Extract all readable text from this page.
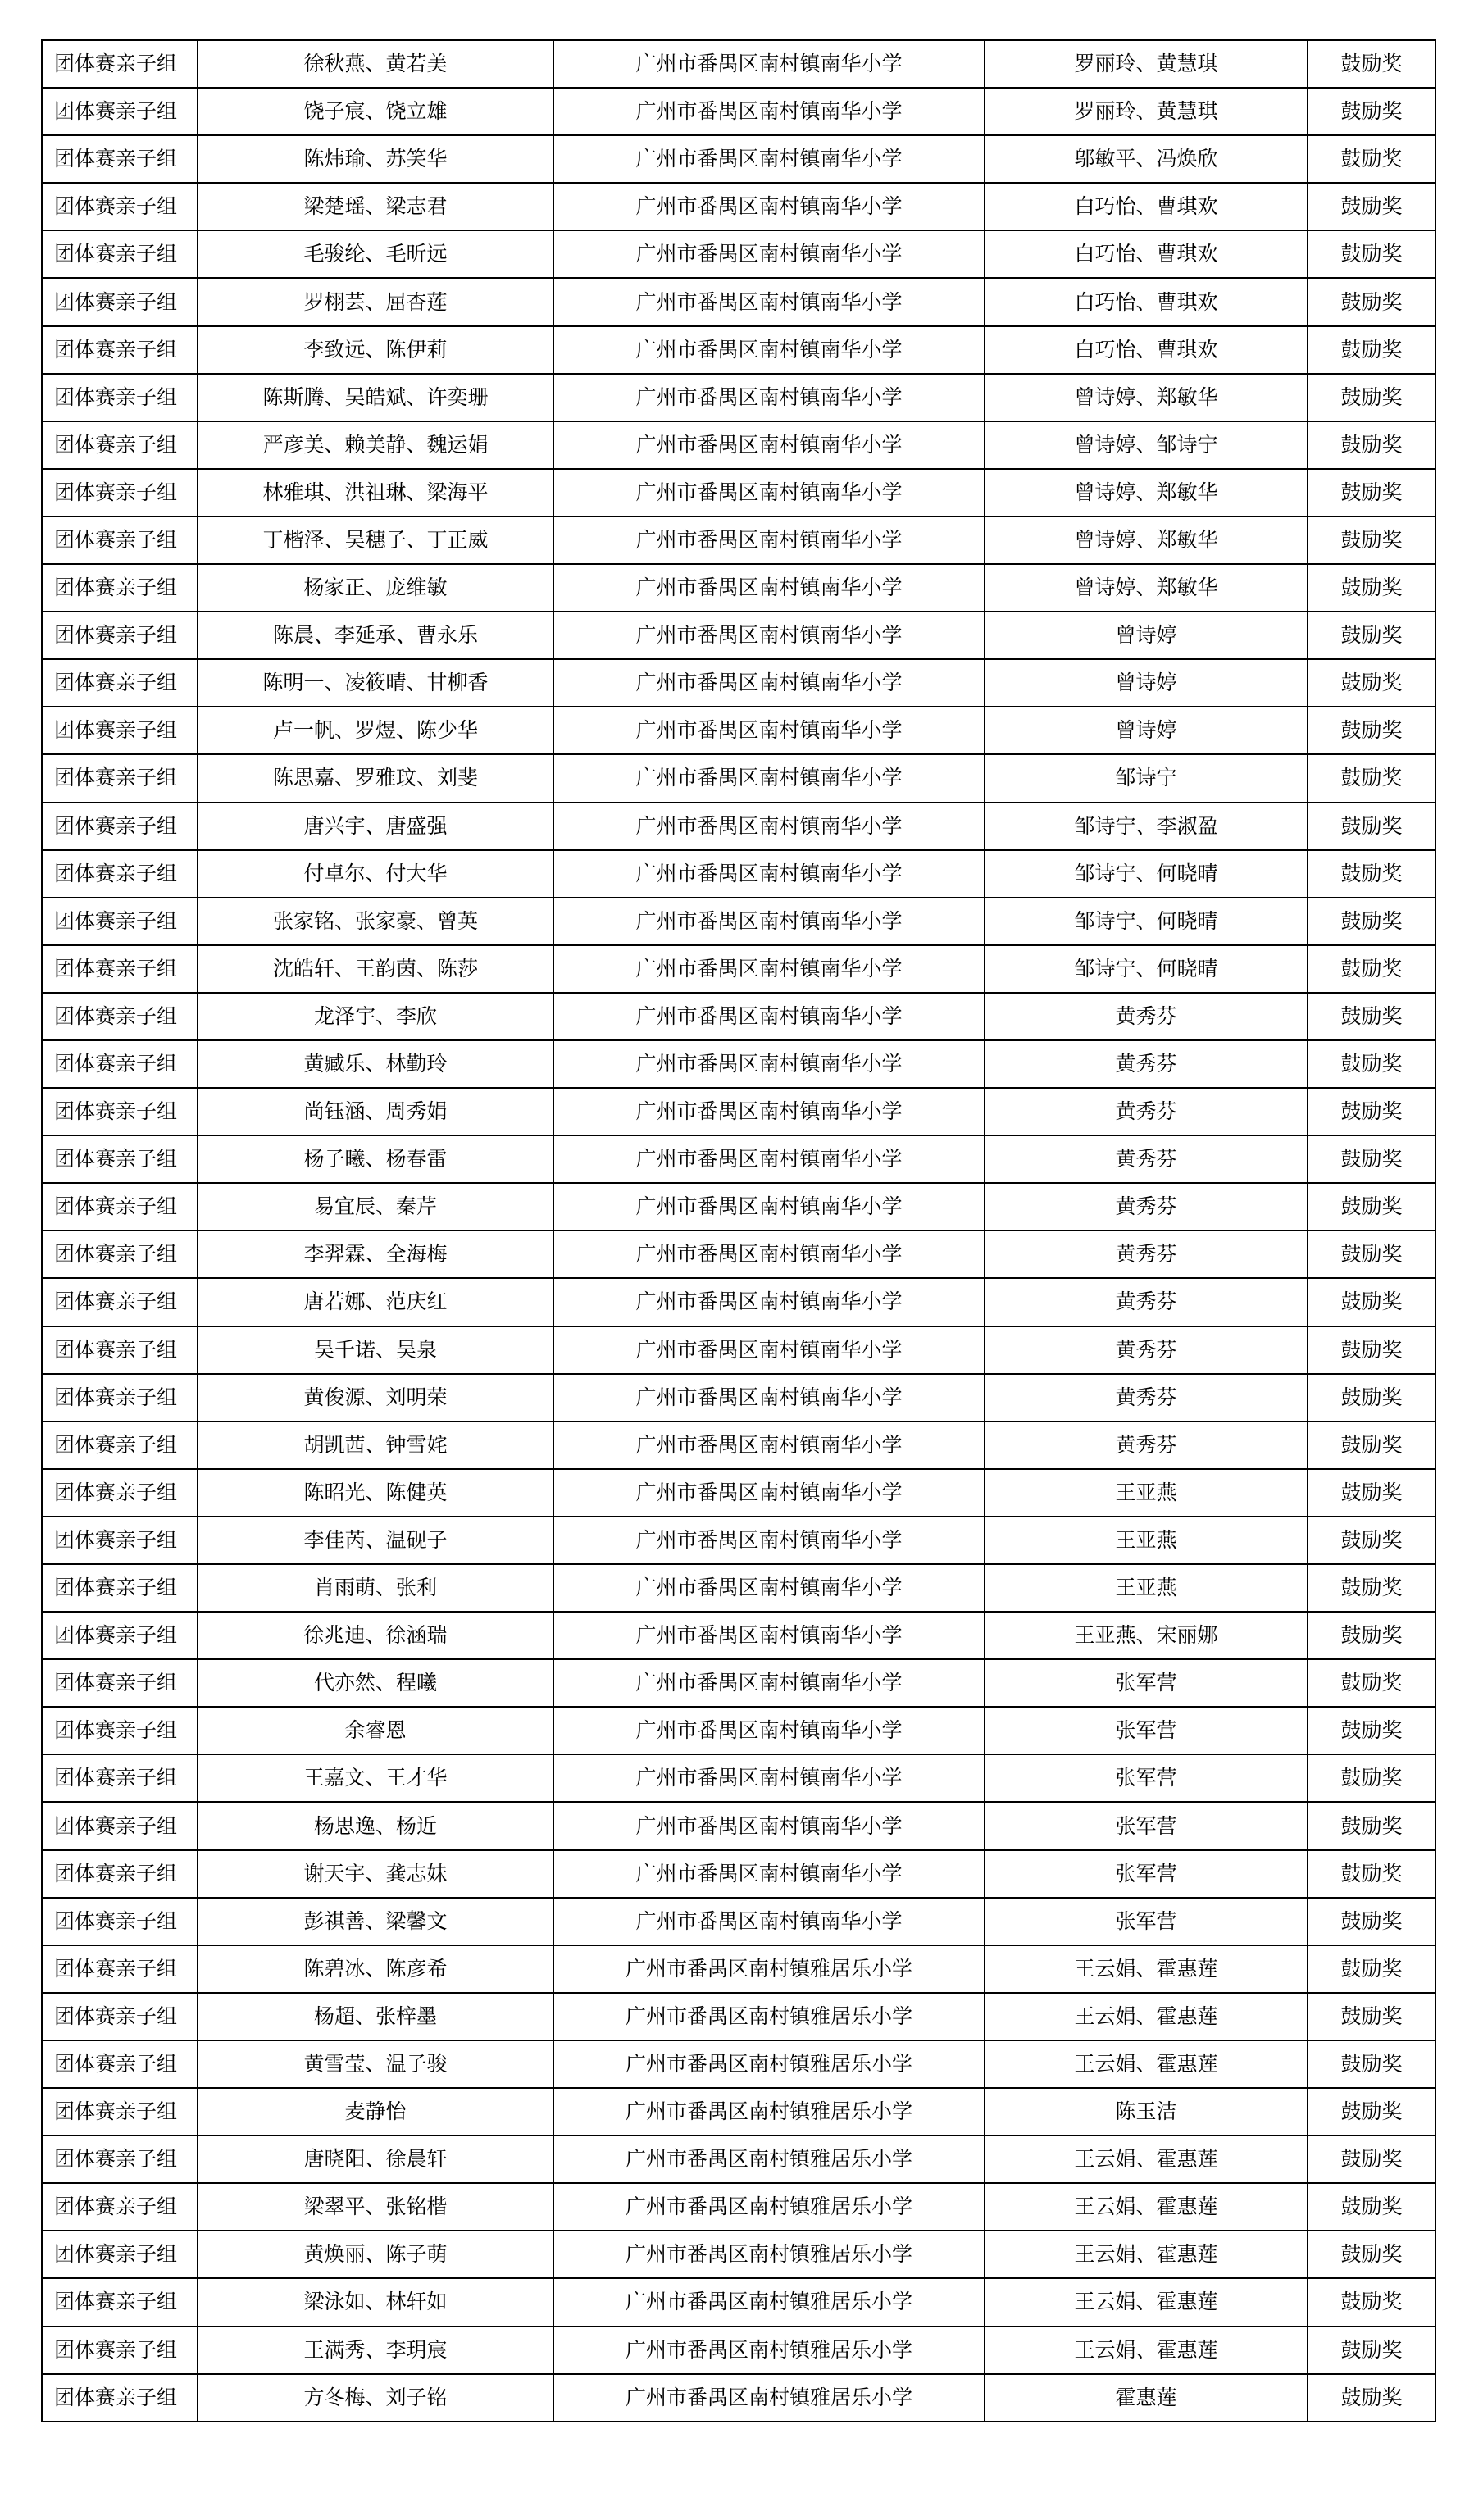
团体赛亲子组	徐秋燕、黄若美	广州市番禺区南村镇南华小学	罗丽玲、黄慧琪	鼓励奖
团体赛亲子组	饶子宸、饶立雄	广州市番禺区南村镇南华小学	罗丽玲、黄慧琪	鼓励奖
团体赛亲子组	陈炜瑜、苏笑华	广州市番禺区南村镇南华小学	邬敏平、冯焕欣	鼓励奖
团体赛亲子组	梁楚瑶、梁志君	广州市番禺区南村镇南华小学	白巧怡、曹琪欢	鼓励奖
团体赛亲子组	毛骏纶、毛昕远	广州市番禺区南村镇南华小学	白巧怡、曹琪欢	鼓励奖
团体赛亲子组	罗栩芸、屈杏莲	广州市番禺区南村镇南华小学	白巧怡、曹琪欢	鼓励奖
团体赛亲子组	李致远、陈伊莉	广州市番禺区南村镇南华小学	白巧怡、曹琪欢	鼓励奖
团体赛亲子组	陈斯腾、吴皓斌、许奕珊	广州市番禺区南村镇南华小学	曾诗婷、郑敏华	鼓励奖
团体赛亲子组	严彦美、赖美静、魏运娟	广州市番禺区南村镇南华小学	曾诗婷、邹诗宁	鼓励奖
团体赛亲子组	林雅琪、洪祖琳、梁海平	广州市番禺区南村镇南华小学	曾诗婷、郑敏华	鼓励奖
团体赛亲子组	丁楷泽、吴穗子、丁正威	广州市番禺区南村镇南华小学	曾诗婷、郑敏华	鼓励奖
团体赛亲子组	杨家正、庞维敏	广州市番禺区南村镇南华小学	曾诗婷、郑敏华	鼓励奖
团体赛亲子组	陈晨、李延承、曹永乐	广州市番禺区南村镇南华小学	曾诗婷	鼓励奖
团体赛亲子组	陈明一、凌筱晴、甘柳香	广州市番禺区南村镇南华小学	曾诗婷	鼓励奖
团体赛亲子组	卢一帆、罗煜、陈少华	广州市番禺区南村镇南华小学	曾诗婷	鼓励奖
团体赛亲子组	陈思嘉、罗雅玟、刘斐	广州市番禺区南村镇南华小学	邹诗宁	鼓励奖
团体赛亲子组	唐兴宇、唐盛强	广州市番禺区南村镇南华小学	邹诗宁、李淑盈	鼓励奖
团体赛亲子组	付卓尔、付大华	广州市番禺区南村镇南华小学	邹诗宁、何晓晴	鼓励奖
团体赛亲子组	张家铭、张家豪、曾英	广州市番禺区南村镇南华小学	邹诗宁、何晓晴	鼓励奖
团体赛亲子组	沈皓轩、王韵茵、陈莎	广州市番禺区南村镇南华小学	邹诗宁、何晓晴	鼓励奖
团体赛亲子组	龙泽宇、李欣	广州市番禺区南村镇南华小学	黄秀芬	鼓励奖
团体赛亲子组	黄臧乐、林勤玲	广州市番禺区南村镇南华小学	黄秀芬	鼓励奖
团体赛亲子组	尚钰涵、周秀娟	广州市番禺区南村镇南华小学	黄秀芬	鼓励奖
团体赛亲子组	杨子曦、杨春雷	广州市番禺区南村镇南华小学	黄秀芬	鼓励奖
团体赛亲子组	易宜辰、秦芹	广州市番禺区南村镇南华小学	黄秀芬	鼓励奖
团体赛亲子组	李羿霖、全海梅	广州市番禺区南村镇南华小学	黄秀芬	鼓励奖
团体赛亲子组	唐若娜、范庆红	广州市番禺区南村镇南华小学	黄秀芬	鼓励奖
团体赛亲子组	吴千诺、吴泉	广州市番禺区南村镇南华小学	黄秀芬	鼓励奖
团体赛亲子组	黄俊源、刘明荣	广州市番禺区南村镇南华小学	黄秀芬	鼓励奖
团体赛亲子组	胡凯茜、钟雪姹	广州市番禺区南村镇南华小学	黄秀芬	鼓励奖
团体赛亲子组	陈昭光、陈健英	广州市番禺区南村镇南华小学	王亚燕	鼓励奖
团体赛亲子组	李佳芮、温砚子	广州市番禺区南村镇南华小学	王亚燕	鼓励奖
团体赛亲子组	肖雨萌、张利	广州市番禺区南村镇南华小学	王亚燕	鼓励奖
团体赛亲子组	徐兆迪、徐涵瑞	广州市番禺区南村镇南华小学	王亚燕、宋丽娜	鼓励奖
团体赛亲子组	代亦然、程曦	广州市番禺区南村镇南华小学	张军营	鼓励奖
团体赛亲子组	余睿恩	广州市番禺区南村镇南华小学	张军营	鼓励奖
团体赛亲子组	王嘉文、王才华	广州市番禺区南村镇南华小学	张军营	鼓励奖
团体赛亲子组	杨思逸、杨近	广州市番禺区南村镇南华小学	张军营	鼓励奖
团体赛亲子组	谢天宇、龚志妹	广州市番禺区南村镇南华小学	张军营	鼓励奖
团体赛亲子组	彭祺善、梁馨文	广州市番禺区南村镇南华小学	张军营	鼓励奖
团体赛亲子组	陈碧冰、陈彦希	广州市番禺区南村镇雅居乐小学	王云娟、霍惠莲	鼓励奖
团体赛亲子组	杨超、张梓墨	广州市番禺区南村镇雅居乐小学	王云娟、霍惠莲	鼓励奖
团体赛亲子组	黄雪莹、温子骏	广州市番禺区南村镇雅居乐小学	王云娟、霍惠莲	鼓励奖
团体赛亲子组	麦静怡	广州市番禺区南村镇雅居乐小学	陈玉洁	鼓励奖
团体赛亲子组	唐晓阳、徐晨轩	广州市番禺区南村镇雅居乐小学	王云娟、霍惠莲	鼓励奖
团体赛亲子组	梁翠平、张铭楷	广州市番禺区南村镇雅居乐小学	王云娟、霍惠莲	鼓励奖
团体赛亲子组	黄焕丽、陈子萌	广州市番禺区南村镇雅居乐小学	王云娟、霍惠莲	鼓励奖
团体赛亲子组	梁泳如、林轩如	广州市番禺区南村镇雅居乐小学	王云娟、霍惠莲	鼓励奖
团体赛亲子组	王满秀、李玥宸	广州市番禺区南村镇雅居乐小学	王云娟、霍惠莲	鼓励奖
团体赛亲子组	方冬梅、刘子铭	广州市番禺区南村镇雅居乐小学	霍惠莲	鼓励奖
